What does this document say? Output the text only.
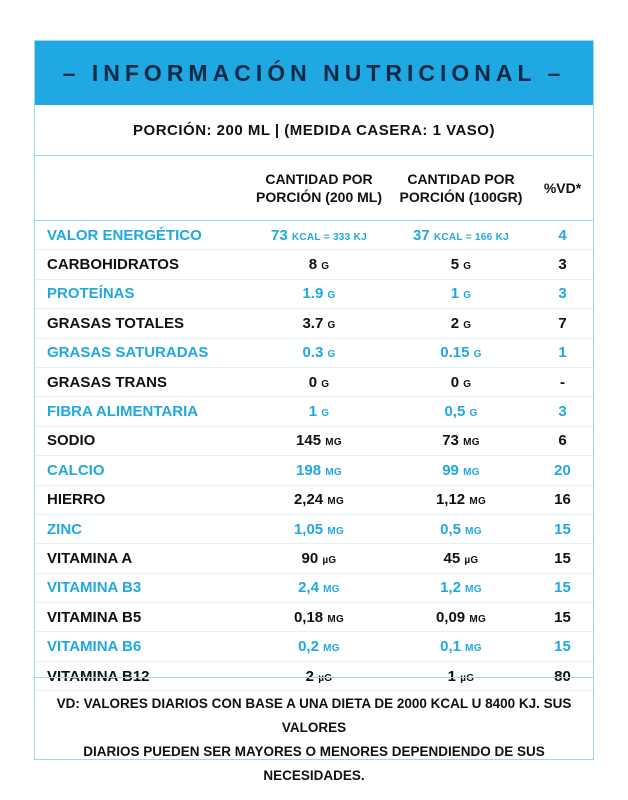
– INFORMACIÓN NUTRICIONAL –
PORCIÓN: 200 ML | (MEDIDA CASERA: 1 VASO)
	CANTIDAD POR PORCIÓN (200 ML)	CANTIDAD POR PORCIÓN (100GR)	%VD*
VALOR ENERGÉTICO	73 KCAL = 333 KJ	37 KCAL = 166 KJ	4
CARBOHIDRATOS	8 G	5 G	3
PROTEÍNAS	1.9 G	1 G	3
GRASAS TOTALES	3.7 G	2 G	7
GRASAS SATURADAS	0.3 G	0.15 G	1
GRASAS TRANS	0 G	0 G	-
FIBRA ALIMENTARIA	1 G	0,5 G	3
SODIO	145 MG	73 MG	6
CALCIO	198 MG	99 MG	20
HIERRO	2,24 MG	1,12 MG	16
ZINC	1,05 MG	0,5 MG	15
VITAMINA A	90 µG	45 µG	15
VITAMINA B3	2,4 MG	1,2 MG	15
VITAMINA B5	0,18 MG	0,09 MG	15
VITAMINA B6	0,2 MG	0,1 MG	15
VITAMINA B12	2 µG	1 µG	80
VD: VALORES DIARIOS CON BASE A UNA DIETA DE 2000 KCAL U 8400 KJ. SUS VALORES
DIARIOS PUEDEN SER MAYORES O MENORES DEPENDIENDO DE SUS NECESIDADES.
